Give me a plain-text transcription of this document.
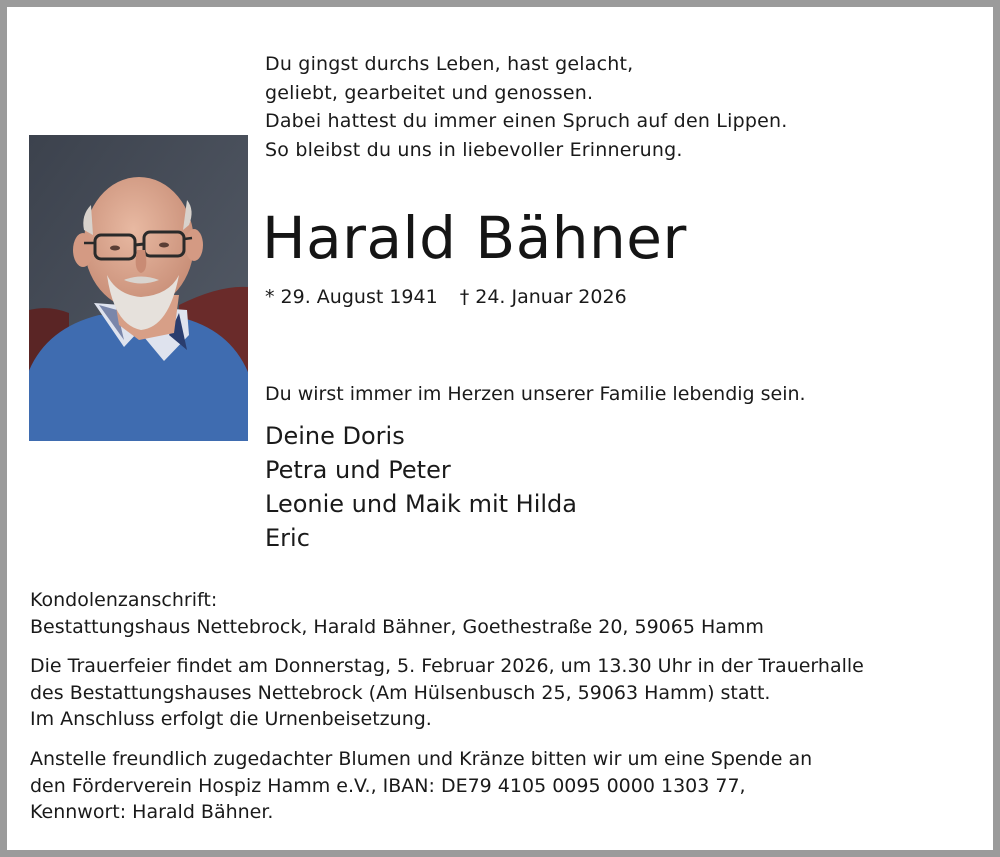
Du gingst durchs Leben, hast gelacht,
geliebt, gearbeitet und genossen.
Dabei hattest du immer einen Spruch auf den Lippen.
So bleibst du uns in liebevoller Erinnerung.
Harald Bähner
* 29. August 1941 † 24. Januar 2026
Du wirst immer im Herzen unserer Familie lebendig sein.
Deine Doris
Petra und Peter
Leonie und Maik mit Hilda
Eric
Kondolenzanschrift:
Bestattungshaus Nettebrock, Harald Bähner, Goethestraße 20, 59065 Hamm
Die Trauerfeier findet am Donnerstag, 5. Februar 2026, um 13.30 Uhr in der Trauerhalle
des Bestattungshauses Nettebrock (Am Hülsenbusch 25, 59063 Hamm) statt.
Im Anschluss erfolgt die Urnenbeisetzung.
Anstelle freundlich zugedachter Blumen und Kränze bitten wir um eine Spende an
den Förderverein Hospiz Hamm e.V., IBAN: DE79 4105 0095 0000 1303 77,
Kennwort: Harald Bähner.
